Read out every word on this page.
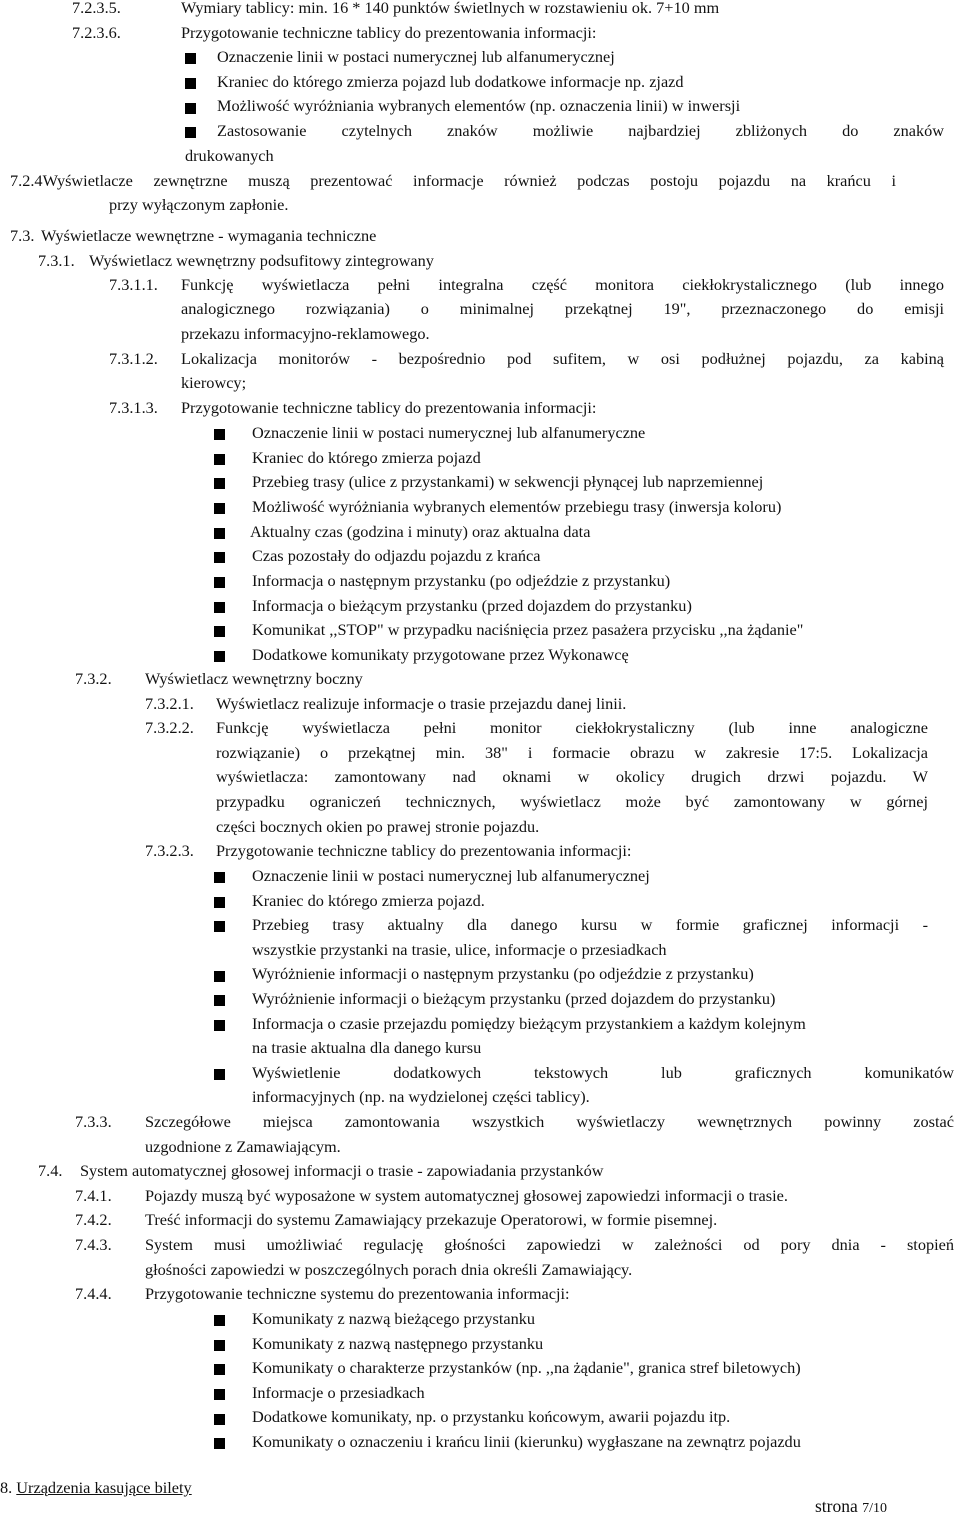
7.2.3.5.	Wymiary tablicy: min. 16 * 140 punktów świetlnych w rozstawieniu ok. 7+10 mm
7.2.3.6.	Przygotowanie techniczne tablicy do prezentowania informacji:
Oznaczenie linii w postaci numerycznej lub alfanumerycznej
Kraniec do którego zmierza pojazd lub dodatkowe informacje np. zjazd
Możliwość wyróżniania wybranych elementów (np. oznaczenia linii) w inwersji
Zastosowanie czytelnych znaków możliwie najbardziej zbliżonych do znaków
drukowanych
7.2.4Wyświetlacze zewnętrzne muszą prezentować informacje również podczas postoju pojazdu na krańcu i
przy wyłączonym zapłonie.
7.3. Wyświetlacze wewnętrzne - wymagania techniczne
7.3.1. Wyświetlacz wewnętrzny podsufitowy zintegrowany
7.3.1.1. Funkcję wyświetlacza pełni integralna część monitora ciekłokrystalicznego (lub innego
analogicznego rozwiązania) o minimalnej przekątnej 19", przeznaczonego do emisji
przekazu informacyjno-reklamowego.
7.3.1.2. Lokalizacja monitorów - bezpośrednio pod sufitem, w osi podłużnej pojazdu, za kabiną
kierowcy;
7.3.1.3. Przygotowanie techniczne tablicy do prezentowania informacji:
Oznaczenie linii w postaci numerycznej lub alfanumeryczne
Kraniec do którego zmierza pojazd
Przebieg trasy (ulice z przystankami) w sekwencji płynącej lub naprzemiennej
Możliwość wyróżniania wybranych elementów przebiegu trasy (inwersja koloru)
Aktualny czas (godzina i minuty) oraz aktualna data
Czas pozostały do odjazdu pojazdu z krańca
Informacja o następnym przystanku (po odjeździe z przystanku)
Informacja o bieżącym przystanku (przed dojazdem do przystanku)
Komunikat ,,STOP" w przypadku naciśnięcia przez pasażera przycisku ,,na żądanie"
Dodatkowe komunikaty przygotowane przez Wykonawcę
7.3.2. Wyświetlacz wewnętrzny boczny
7.3.2.1. Wyświetlacz realizuje informacje o trasie przejazdu danej linii.
7.3.2.2. Funkcję wyświetlacza pełni monitor ciekłokrystaliczny (lub inne analogiczne
rozwiązanie) o przekątnej min. 38" i formacie obrazu w zakresie 17:5. Lokalizacja
wyświetlacza: zamontowany nad oknami w okolicy drugich drzwi pojazdu. W
przypadku ograniczeń technicznych, wyświetlacz może być zamontowany w górnej
części bocznych okien po prawej stronie pojazdu.
7.3.2.3. Przygotowanie techniczne tablicy do prezentowania informacji:
Oznaczenie linii w postaci numerycznej lub alfanumerycznej
Kraniec do którego zmierza pojazd.
Przebieg trasy aktualny dla danego kursu w formie graficznej informacji -
wszystkie przystanki na trasie, ulice, informacje o przesiadkach
Wyróżnienie informacji o następnym przystanku (po odjeździe z przystanku)
Wyróżnienie informacji o bieżącym przystanku (przed dojazdem do przystanku)
Informacja o czasie przejazdu pomiędzy bieżącym przystankiem a każdym kolejnym
na trasie aktualna dla danego kursu
Wyświetlenie dodatkowych tekstowych lub graficznych komunikatów
informacyjnych (np. na wydzielonej części tablicy).
7.3.3. Szczegółowe miejsca zamontowania wszystkich wyświetlaczy wewnętrznych powinny zostać
uzgodnione z Zamawiającym.
7.4. System automatycznej głosowej informacji o trasie - zapowiadania przystanków
7.4.1. Pojazdy muszą być wyposażone w system automatycznej głosowej zapowiedzi informacji o trasie.
7.4.2. Treść informacji do systemu Zamawiający przekazuje Operatorowi, w formie pisemnej.
7.4.3. System musi umożliwiać regulację głośności zapowiedzi w zależności od pory dnia - stopień
głośności zapowiedzi w poszczególnych porach dnia określi Zamawiający.
7.4.4. Przygotowanie techniczne systemu do prezentowania informacji:
Komunikaty z nazwą bieżącego przystanku
Komunikaty z nazwą następnego przystanku
Komunikaty o charakterze przystanków (np. ,,na żądanie", granica stref biletowych)
Informacje o przesiadkach
Dodatkowe komunikaty, np. o przystanku końcowym, awarii pojazdu itp.
Komunikaty o oznaczeniu i krańcu linii (kierunku) wygłaszane na zewnątrz pojazdu
8. Urządzenia kasujące bilety
strona 7/10
